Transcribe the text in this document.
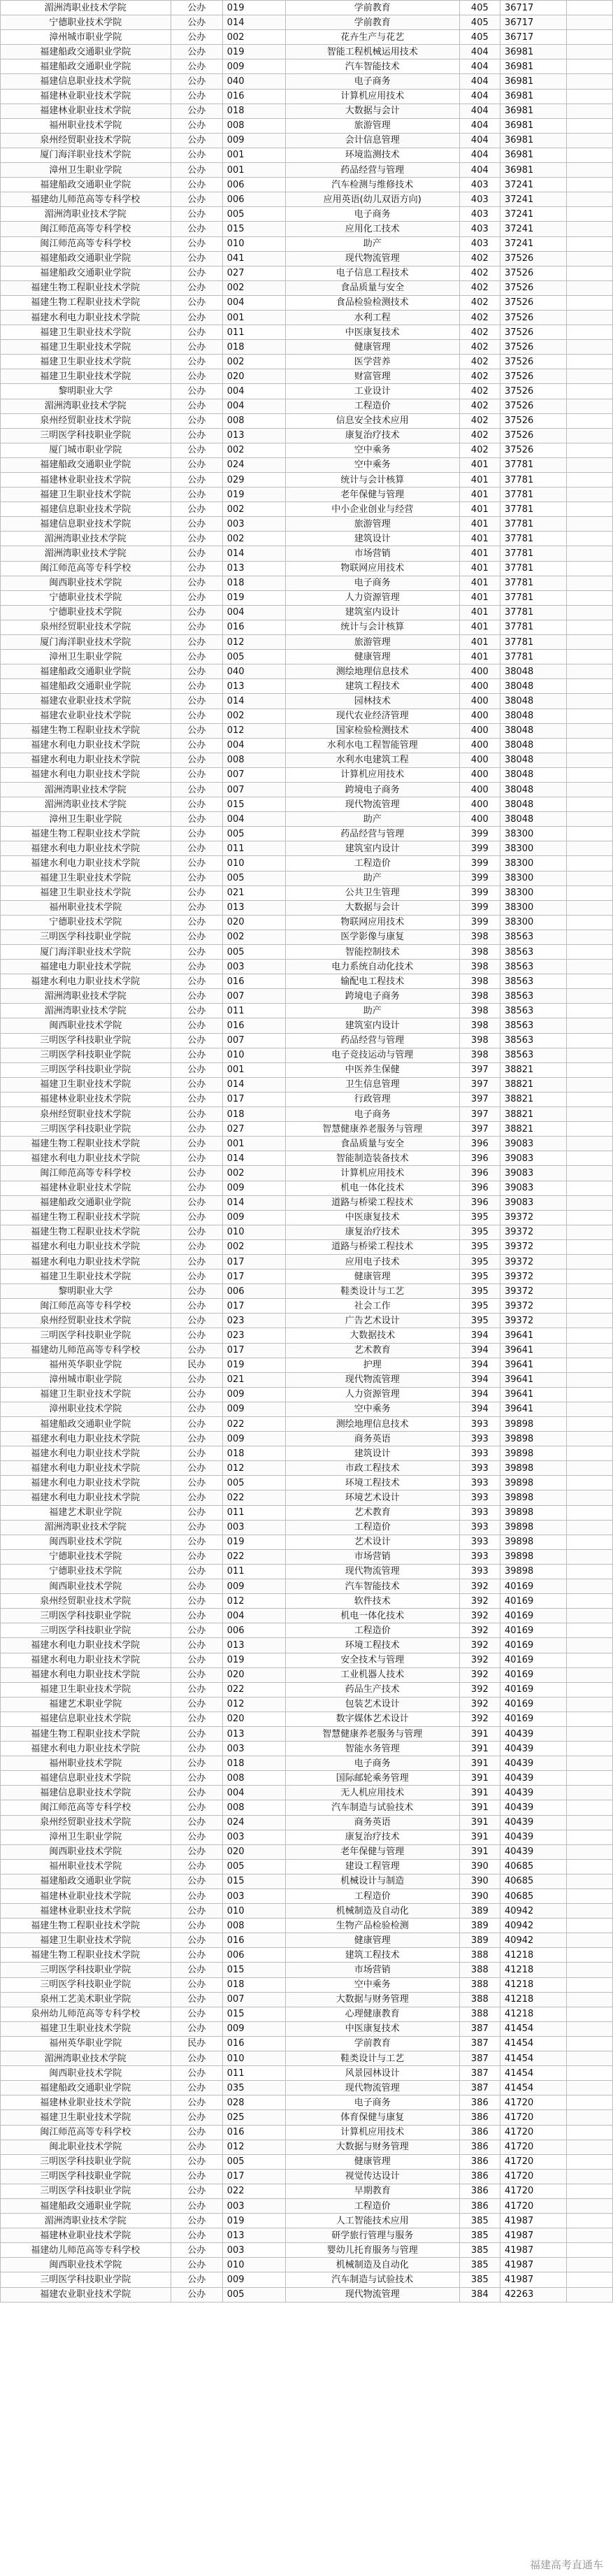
湄洲湾职业技术学院	公办	019	学前教育	405	36717	
宁德职业技术学院	公办	014	学前教育	405	36717	
漳州城市职业学院	公办	002	花卉生产与花艺	405	36717	
福建船政交通职业学院	公办	019	智能工程机械运用技术	404	36981	
福建船政交通职业学院	公办	009	汽车智能技术	404	36981	
福建信息职业技术学院	公办	040	电子商务	404	36981	
福建林业职业技术学院	公办	016	计算机应用技术	404	36981	
福建林业职业技术学院	公办	018	大数据与会计	404	36981	
福州职业技术学院	公办	008	旅游管理	404	36981	
泉州经贸职业技术学院	公办	009	会计信息管理	404	36981	
厦门海洋职业技术学院	公办	001	环境监测技术	404	36981	
漳州卫生职业学院	公办	001	药品经营与管理	404	36981	
福建船政交通职业学院	公办	006	汽车检测与维修技术	403	37241	
福建幼儿师范高等专科学校	公办	006	应用英语(幼儿双语方向)	403	37241	
湄洲湾职业技术学院	公办	005	电子商务	403	37241	
闽江师范高等专科学校	公办	015	应用化工技术	403	37241	
闽江师范高等专科学校	公办	010	助产	403	37241	
福建船政交通职业学院	公办	041	现代物流管理	402	37526	
福建船政交通职业学院	公办	027	电子信息工程技术	402	37526	
福建生物工程职业技术学院	公办	002	食品质量与安全	402	37526	
福建生物工程职业技术学院	公办	004	食品检验检测技术	402	37526	
福建水利电力职业技术学院	公办	001	水利工程	402	37526	
福建卫生职业技术学院	公办	011	中医康复技术	402	37526	
福建卫生职业技术学院	公办	018	健康管理	402	37526	
福建卫生职业技术学院	公办	002	医学营养	402	37526	
福建卫生职业技术学院	公办	020	财富管理	402	37526	
黎明职业大学	公办	004	工业设计	402	37526	
湄洲湾职业技术学院	公办	004	工程造价	402	37526	
泉州经贸职业技术学院	公办	008	信息安全技术应用	402	37526	
三明医学科技职业学院	公办	013	康复治疗技术	402	37526	
厦门城市职业学院	公办	002	空中乘务	402	37526	
福建船政交通职业学院	公办	024	空中乘务	401	37781	
福建林业职业技术学院	公办	029	统计与会计核算	401	37781	
福建卫生职业技术学院	公办	019	老年保健与管理	401	37781	
福建信息职业技术学院	公办	002	中小企业创业与经营	401	37781	
福建信息职业技术学院	公办	003	旅游管理	401	37781	
湄洲湾职业技术学院	公办	002	建筑设计	401	37781	
湄洲湾职业技术学院	公办	014	市场营销	401	37781	
闽江师范高等专科学校	公办	013	物联网应用技术	401	37781	
闽西职业技术学院	公办	018	电子商务	401	37781	
宁德职业技术学院	公办	019	人力资源管理	401	37781	
宁德职业技术学院	公办	004	建筑室内设计	401	37781	
泉州经贸职业技术学院	公办	016	统计与会计核算	401	37781	
厦门海洋职业技术学院	公办	012	旅游管理	401	37781	
漳州卫生职业学院	公办	005	健康管理	401	37781	
福建船政交通职业学院	公办	040	测绘地理信息技术	400	38048	
福建船政交通职业学院	公办	013	建筑工程技术	400	38048	
福建农业职业技术学院	公办	014	园林技术	400	38048	
福建农业职业技术学院	公办	002	现代农业经济管理	400	38048	
福建生物工程职业技术学院	公办	012	国家检验检测技术	400	38048	
福建水利电力职业技术学院	公办	004	水利水电工程智能管理	400	38048	
福建水利电力职业技术学院	公办	008	水利水电建筑工程	400	38048	
福建水利电力职业技术学院	公办	007	计算机应用技术	400	38048	
湄洲湾职业技术学院	公办	007	跨境电子商务	400	38048	
湄洲湾职业技术学院	公办	015	现代物流管理	400	38048	
漳州卫生职业学院	公办	004	助产	400	38048	
福建生物工程职业技术学院	公办	005	药品经营与管理	399	38300	
福建水利电力职业技术学院	公办	011	建筑室内设计	399	38300	
福建水利电力职业技术学院	公办	010	工程造价	399	38300	
福建卫生职业技术学院	公办	005	助产	399	38300	
福建卫生职业技术学院	公办	021	公共卫生管理	399	38300	
福州职业技术学院	公办	013	大数据与会计	399	38300	
宁德职业技术学院	公办	020	物联网应用技术	399	38300	
三明医学科技职业学院	公办	002	医学影像与康复	398	38563	
厦门海洋职业技术学院	公办	005	智能控制技术	398	38563	
福建电力职业技术学院	公办	003	电力系统自动化技术	398	38563	
福建水利电力职业技术学院	公办	016	输配电工程技术	398	38563	
湄洲湾职业技术学院	公办	007	跨境电子商务	398	38563	
湄洲湾职业技术学院	公办	011	助产	398	38563	
闽西职业技术学院	公办	016	建筑室内设计	398	38563	
三明医学科技职业学院	公办	007	药品经营与管理	398	38563	
三明医学科技职业学院	公办	010	电子竞技运动与管理	398	38563	
三明医学科技职业学院	公办	001	中医养生保健	397	38821	
福建卫生职业技术学院	公办	014	卫生信息管理	397	38821	
福建林业职业技术学院	公办	017	行政管理	397	38821	
泉州经贸职业技术学院	公办	018	电子商务	397	38821	
三明医学科技职业学院	公办	027	智慧健康养老服务与管理	397	38821	
福建生物工程职业技术学院	公办	001	食品质量与安全	396	39083	
福建水利电力职业技术学院	公办	014	智能制造装备技术	396	39083	
闽江师范高等专科学校	公办	002	计算机应用技术	396	39083	
福建林业职业技术学院	公办	009	机电一体化技术	396	39083	
福建船政交通职业学院	公办	014	道路与桥梁工程技术	396	39083	
福建生物工程职业技术学院	公办	009	中医康复技术	395	39372	
福建生物工程职业技术学院	公办	010	康复治疗技术	395	39372	
福建水利电力职业技术学院	公办	002	道路与桥梁工程技术	395	39372	
福建水利电力职业技术学院	公办	017	应用电子技术	395	39372	
福建卫生职业技术学院	公办	017	健康管理	395	39372	
黎明职业大学	公办	006	鞋类设计与工艺	395	39372	
闽江师范高等专科学校	公办	017	社会工作	395	39372	
泉州经贸职业技术学院	公办	023	广告艺术设计	395	39372	
三明医学科技职业学院	公办	023	大数据技术	394	39641	
福建幼儿师范高等专科学校	公办	017	艺术教育	394	39641	
福州英华职业学院	民办	019	护理	394	39641	
漳州城市职业学院	公办	021	现代物流管理	394	39641	
福建卫生职业技术学院	公办	009	人力资源管理	394	39641	
漳州职业技术学院	公办	009	空中乘务	394	39641	
福建船政交通职业学院	公办	022	测绘地理信息技术	393	39898	
福建水利电力职业技术学院	公办	009	商务英语	393	39898	
福建水利电力职业技术学院	公办	018	建筑设计	393	39898	
福建水利电力职业技术学院	公办	012	市政工程技术	393	39898	
福建水利电力职业技术学院	公办	005	环境工程技术	393	39898	
福建水利电力职业技术学院	公办	022	环境艺术设计	393	39898	
福建艺术职业学院	公办	011	艺术教育	393	39898	
湄洲湾职业技术学院	公办	003	工程造价	393	39898	
闽西职业技术学院	公办	019	艺术设计	393	39898	
宁德职业技术学院	公办	022	市场营销	393	39898	
宁德职业技术学院	公办	011	现代物流管理	393	39898	
闽西职业技术学院	公办	009	汽车智能技术	392	40169	
泉州经贸职业技术学院	公办	012	软件技术	392	40169	
三明医学科技职业学院	公办	004	机电一体化技术	392	40169	
三明医学科技职业学院	公办	006	工程造价	392	40169	
福建水利电力职业技术学院	公办	013	环境工程技术	392	40169	
福建水利电力职业技术学院	公办	019	安全技术与管理	392	40169	
福建水利电力职业技术学院	公办	020	工业机器人技术	392	40169	
福建卫生职业技术学院	公办	022	药品生产技术	392	40169	
福建艺术职业学院	公办	012	包装艺术设计	392	40169	
福建信息职业技术学院	公办	020	数字媒体艺术设计	392	40169	
福建生物工程职业技术学院	公办	013	智慧健康养老服务与管理	391	40439	
福建水利电力职业技术学院	公办	003	智能水务管理	391	40439	
福州职业技术学院	公办	018	电子商务	391	40439	
福建信息职业技术学院	公办	008	国际邮轮乘务管理	391	40439	
福建信息职业技术学院	公办	004	无人机应用技术	391	40439	
闽江师范高等专科学校	公办	008	汽车制造与试验技术	391	40439	
泉州经贸职业技术学院	公办	024	商务英语	391	40439	
漳州卫生职业学院	公办	003	康复治疗技术	391	40439	
闽西职业技术学院	公办	020	老年保健与管理	391	40439	
福州职业技术学院	公办	005	建设工程管理	390	40685	
福建船政交通职业学院	公办	015	机械设计与制造	390	40685	
福建林业职业技术学院	公办	003	工程造价	390	40685	
福建林业职业技术学院	公办	010	机械制造及自动化	389	40942	
福建生物工程职业技术学院	公办	008	生物产品检验检测	389	40942	
福建卫生职业技术学院	公办	016	健康管理	389	40942	
福建生物工程职业技术学院	公办	006	建筑工程技术	388	41218	
三明医学科技职业学院	公办	015	市场营销	388	41218	
三明医学科技职业学院	公办	018	空中乘务	388	41218	
泉州工艺美术职业学院	公办	007	大数据与财务管理	388	41218	
泉州幼儿师范高等专科学校	公办	015	心理健康教育	388	41218	
福建卫生职业技术学院	公办	009	中医康复技术	387	41454	
福州英华职业学院	民办	016	学前教育	387	41454	
湄洲湾职业技术学院	公办	010	鞋类设计与工艺	387	41454	
闽西职业技术学院	公办	011	风景园林设计	387	41454	
福建船政交通职业学院	公办	035	现代物流管理	387	41454	
福建林业职业技术学院	公办	028	电子商务	386	41720	
福建卫生职业技术学院	公办	025	体育保健与康复	386	41720	
闽江师范高等专科学校	公办	016	计算机应用技术	386	41720	
闽北职业技术学院	公办	012	大数据与财务管理	386	41720	
三明医学科技职业学院	公办	005	健康管理	386	41720	
三明医学科技职业学院	公办	017	视觉传达设计	386	41720	
三明医学科技职业学院	公办	022	早期教育	386	41720	
福建船政交通职业学院	公办	003	工程造价	386	41720	
湄洲湾职业技术学院	公办	019	人工智能技术应用	385	41987	
福建林业职业技术学院	公办	013	研学旅行管理与服务	385	41987	
福建幼儿师范高等专科学校	公办	003	婴幼儿托育服务与管理	385	41987	
闽西职业技术学院	公办	010	机械制造及自动化	385	41987	
三明医学科技职业学院	公办	009	汽车制造与试验技术	385	41987	
福建农业职业技术学院	公办	005	现代物流管理	384	42263	
福建高考直通车
